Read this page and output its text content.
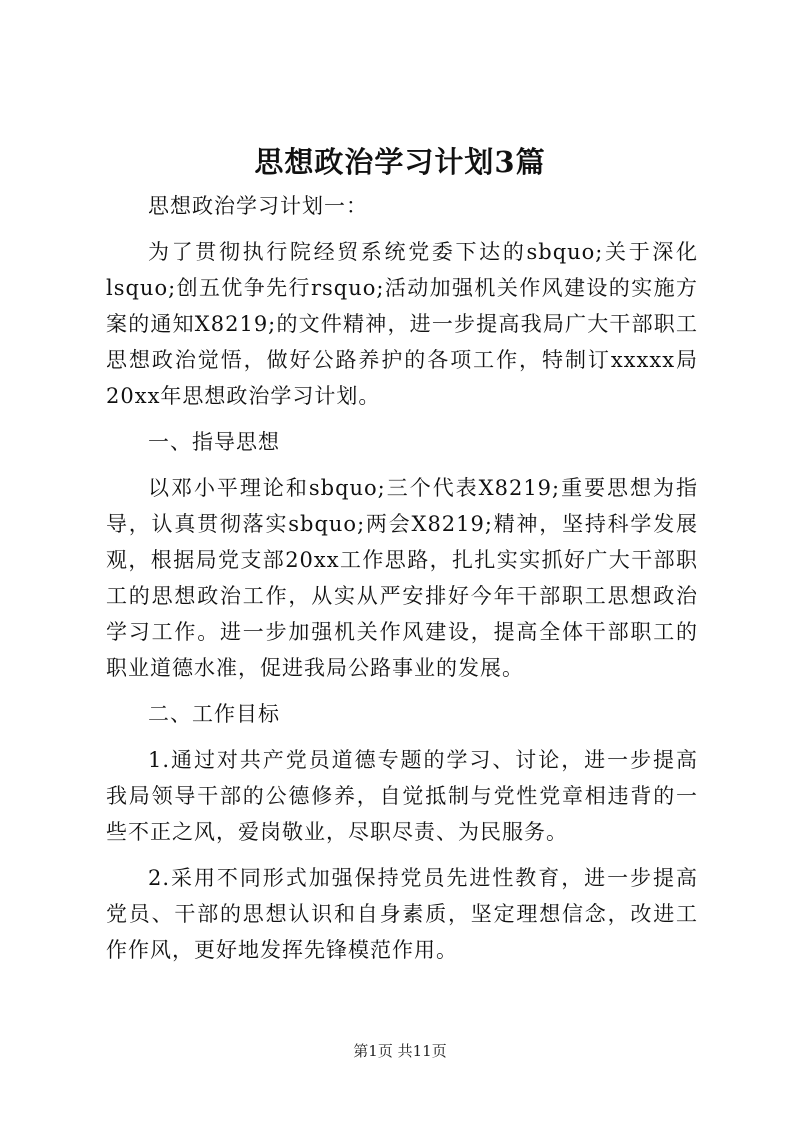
思想政治学习计划3篇

思想政治学习计划一：

为了贯彻执行院经贸系统党委下达的sbquo;关于深化lsquo;创五优争先行rsquo;活动加强机关作风建设的实施方案的通知X8219;的文件精神，进一步提高我局广大干部职工思想政治觉悟，做好公路养护的各项工作，特制订xxxxx局20xx年思想政治学习计划。

一、指导思想

以邓小平理论和sbquo;三个代表X8219;重要思想为指导，认真贯彻落实sbquo;两会X8219;精神，坚持科学发展观，根据局党支部20xx工作思路，扎扎实实抓好广大干部职工的思想政治工作，从实从严安排好今年干部职工思想政治学习工作。进一步加强机关作风建设，提高全体干部职工的职业道德水准，促进我局公路事业的发展。

二、工作目标

1.通过对共产党员道德专题的学习、讨论，进一步提高我局领导干部的公德修养，自觉抵制与党性党章相违背的一些不正之风，爱岗敬业，尽职尽责、为民服务。

2.采用不同形式加强保持党员先进性教育，进一步提高党员、干部的思想认识和自身素质，坚定理想信念，改进工作作风，更好地发挥先锋模范作用。

第1页 共11页
